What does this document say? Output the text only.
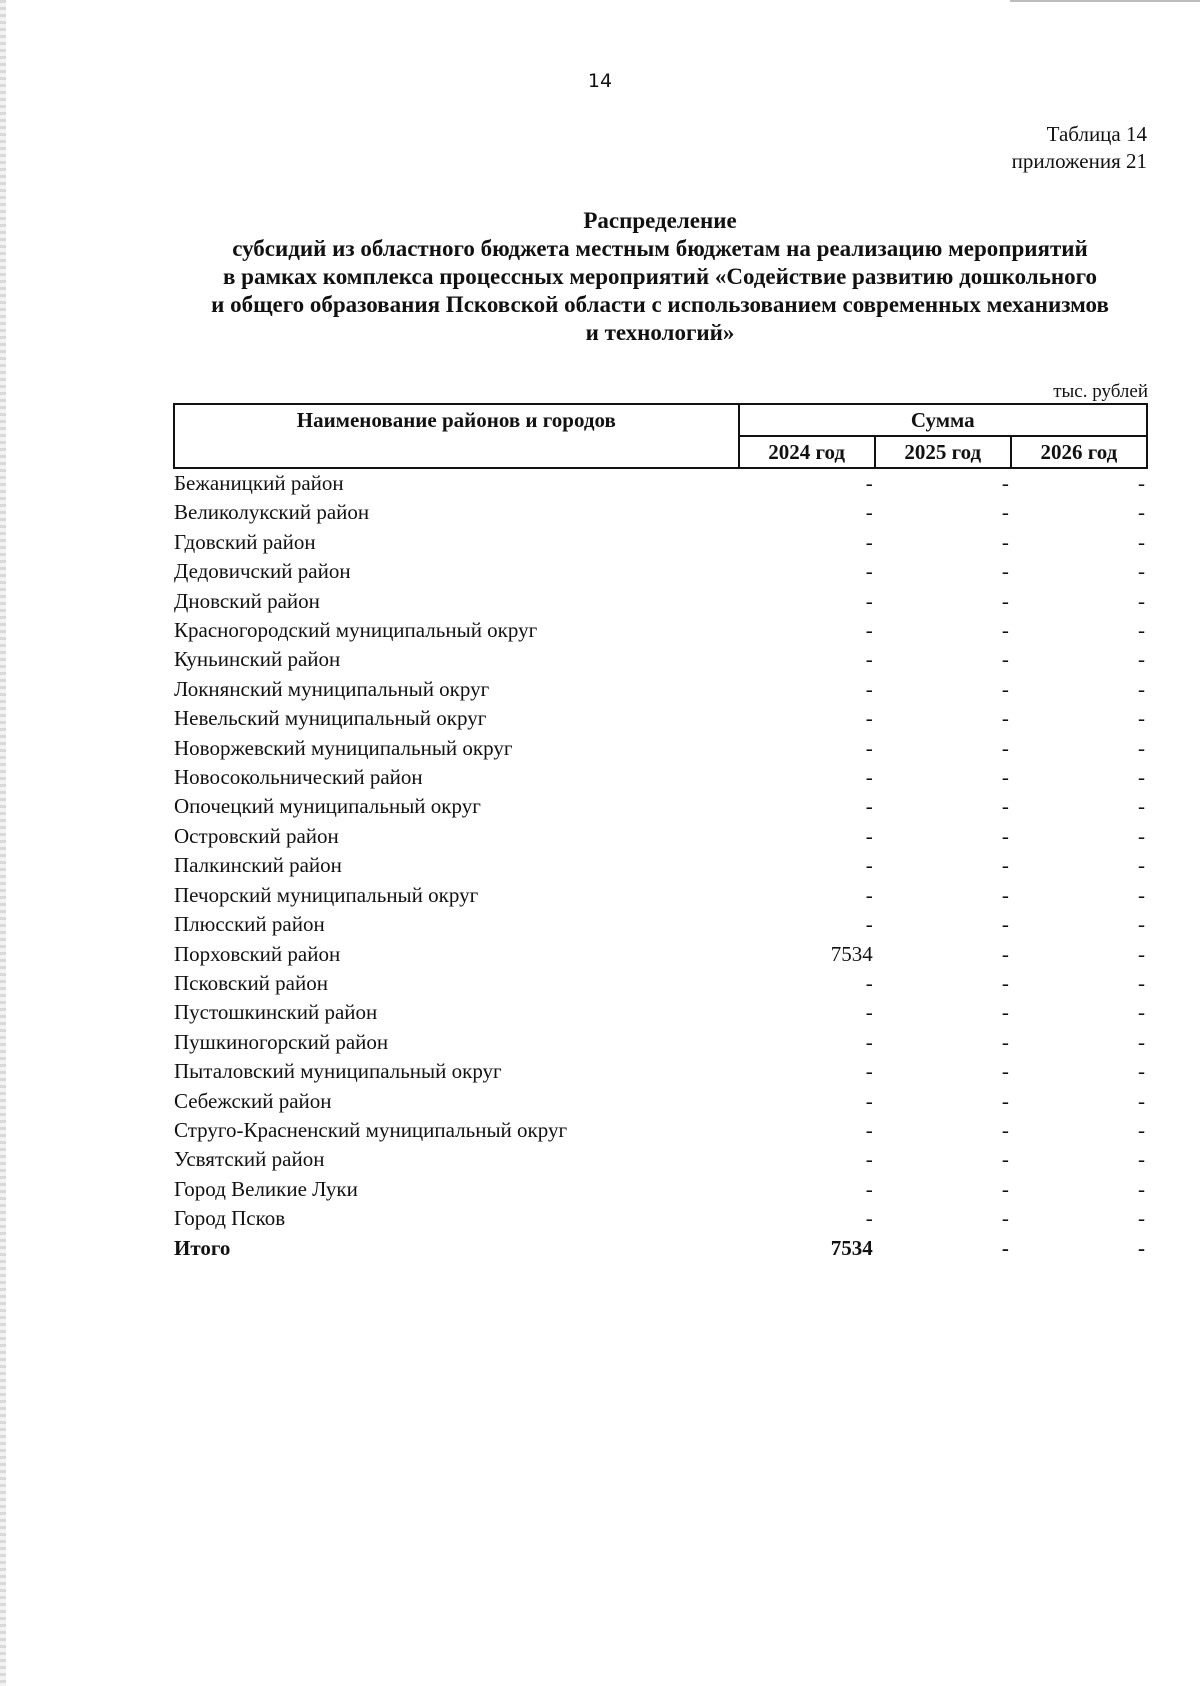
14
Таблица 14
приложения 21
Распределение
субсидий из областного бюджета местным бюджетам на реализацию мероприятий
в рамках комплекса процессных мероприятий «Содействие развитию дошкольного
и общего образования Псковской области с использованием современных механизмов
и технологий»
тыс. рублей
Наименование районов и городов	Сумма		
	2024 год	2025 год	2026 год
Бежаницкий район	-	-	-
Великолукский район	-	-	-
Гдовский район	-	-	-
Дедовичский район	-	-	-
Дновский район	-	-	-
Красногородский муниципальный округ	-	-	-
Куньинский район	-	-	-
Локнянский муниципальный округ	-	-	-
Невельский муниципальный округ	-	-	-
Новоржевский муниципальный округ	-	-	-
Новосокольнический район	-	-	-
Опочецкий муниципальный округ	-	-	-
Островский район	-	-	-
Палкинский район	-	-	-
Печорский муниципальный округ	-	-	-
Плюсский район	-	-	-
Порховский район	7534	-	-
Псковский район	-	-	-
Пустошкинский район	-	-	-
Пушкиногорский район	-	-	-
Пыталовский муниципальный округ	-	-	-
Себежский район	-	-	-
Струго-Красненский муниципальный округ	-	-	-
Усвятский район	-	-	-
Город Великие Луки	-	-	-
Город Псков	-	-	-
Итого	7534	-	-
